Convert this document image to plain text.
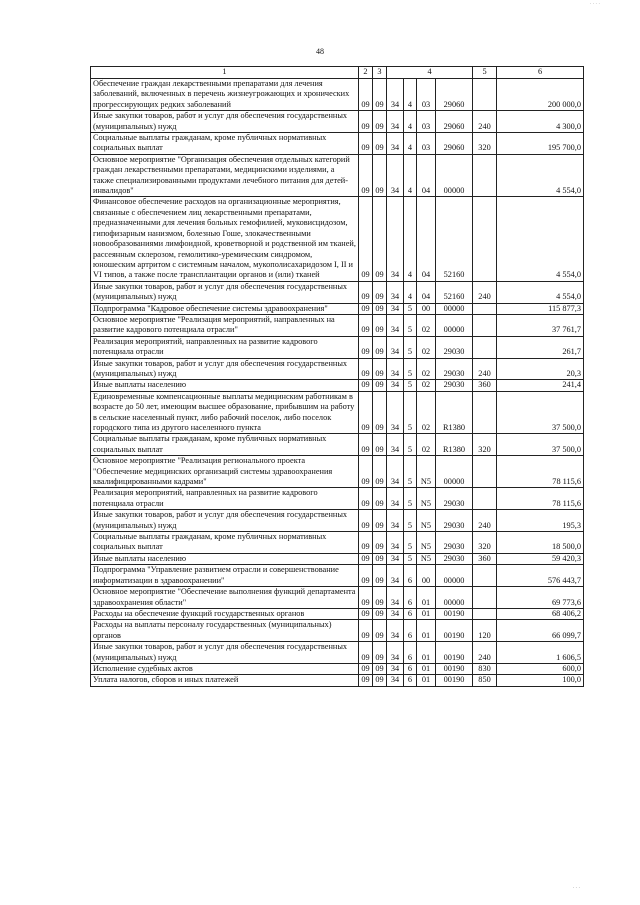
· · · ·
48
1	2	3	4				5	6
Обеспечение граждан лекарственными препаратами для лечения заболеваний, включенных в перечень жизнеугрожающих и хронических прогрессирующих редких заболеваний	09	09	34	4	03	29060		200 000,0
Иные закупки товаров, работ и услуг для обеспечения государственных (муниципальных) нужд	09	09	34	4	03	29060	240	4 300,0
Социальные выплаты гражданам, кроме публичных нормативных социальных выплат	09	09	34	4	03	29060	320	195 700,0
Основное мероприятие "Организация обеспечения отдельных категорий граждан лекарственными препаратами, медицинскими изделиями, а также специализированными продуктами лечебного питания для детей-инвалидов"	09	09	34	4	04	00000		4 554,0
Финансовое обеспечение расходов на организационные мероприятия, связанные с обеспечением лиц лекарственными препаратами, предназначенными для лечения больных гемофилией, муковисцидозом, гипофизарным нанизмом, болезнью Гоше, злокачественными новообразованиями лимфоидной, кроветворной и родственной им тканей, рассеянным склерозом, гемолитико-уремическим синдромом, юношеским артритом с системным началом, мукополисахаридозом I, II и VI типов, а также после трансплантации органов и (или) тканей	09	09	34	4	04	52160		4 554,0
Иные закупки товаров, работ и услуг для обеспечения государственных (муниципальных) нужд	09	09	34	4	04	52160	240	4 554,0
Подпрограмма "Кадровое обеспечение системы здравоохранения"	09	09	34	5	00	00000		115 877,3
Основное мероприятие "Реализация мероприятий, направленных на развитие кадрового потенциала отрасли"	09	09	34	5	02	00000		37 761,7
Реализация мероприятий, направленных на развитие кадрового потенциала отрасли	09	09	34	5	02	29030		261,7
Иные закупки товаров, работ и услуг для обеспечения государственных (муниципальных) нужд	09	09	34	5	02	29030	240	20,3
Иные выплаты населению	09	09	34	5	02	29030	360	241,4
Единовременные компенсационные выплаты медицинским работникам в возрасте до 50 лет, имеющим высшее образование, прибывшим на работу в сельские населенный пункт, либо рабочий поселок, либо поселок городского типа из другого населенного пункта	09	09	34	5	02	R1380		37 500,0
Социальные выплаты гражданам, кроме публичных нормативных социальных выплат	09	09	34	5	02	R1380	320	37 500,0
Основное мероприятие "Реализация регионального проекта "Обеспечение медицинских организаций системы здравоохранения квалифицированными кадрами"	09	09	34	5	N5	00000		78 115,6
Реализация мероприятий, направленных на развитие кадрового потенциала отрасли	09	09	34	5	N5	29030		78 115,6
Иные закупки товаров, работ и услуг для обеспечения государственных (муниципальных) нужд	09	09	34	5	N5	29030	240	195,3
Социальные выплаты гражданам, кроме публичных нормативных социальных выплат	09	09	34	5	N5	29030	320	18 500,0
Иные выплаты населению	09	09	34	5	N5	29030	360	59 420,3
Подпрограмма "Управление развитием отрасли и совершенствование информатизации в здравоохранении"	09	09	34	6	00	00000		576 443,7
Основное мероприятие "Обеспечение выполнения функций департамента здравоохранения области"	09	09	34	6	01	00000		69 773,6
Расходы на обеспечение функций государственных органов	09	09	34	6	01	00190		68 406,2
Расходы на выплаты персоналу государственных (муниципальных) органов	09	09	34	6	01	00190	120	66 099,7
Иные закупки товаров, работ и услуг для обеспечения государственных (муниципальных) нужд	09	09	34	6	01	00190	240	1 606,5
Исполнение судебных актов	09	09	34	6	01	00190	830	600,0
Уплата налогов, сборов и иных платежей	09	09	34	6	01	00190	850	100,0
· · ·
